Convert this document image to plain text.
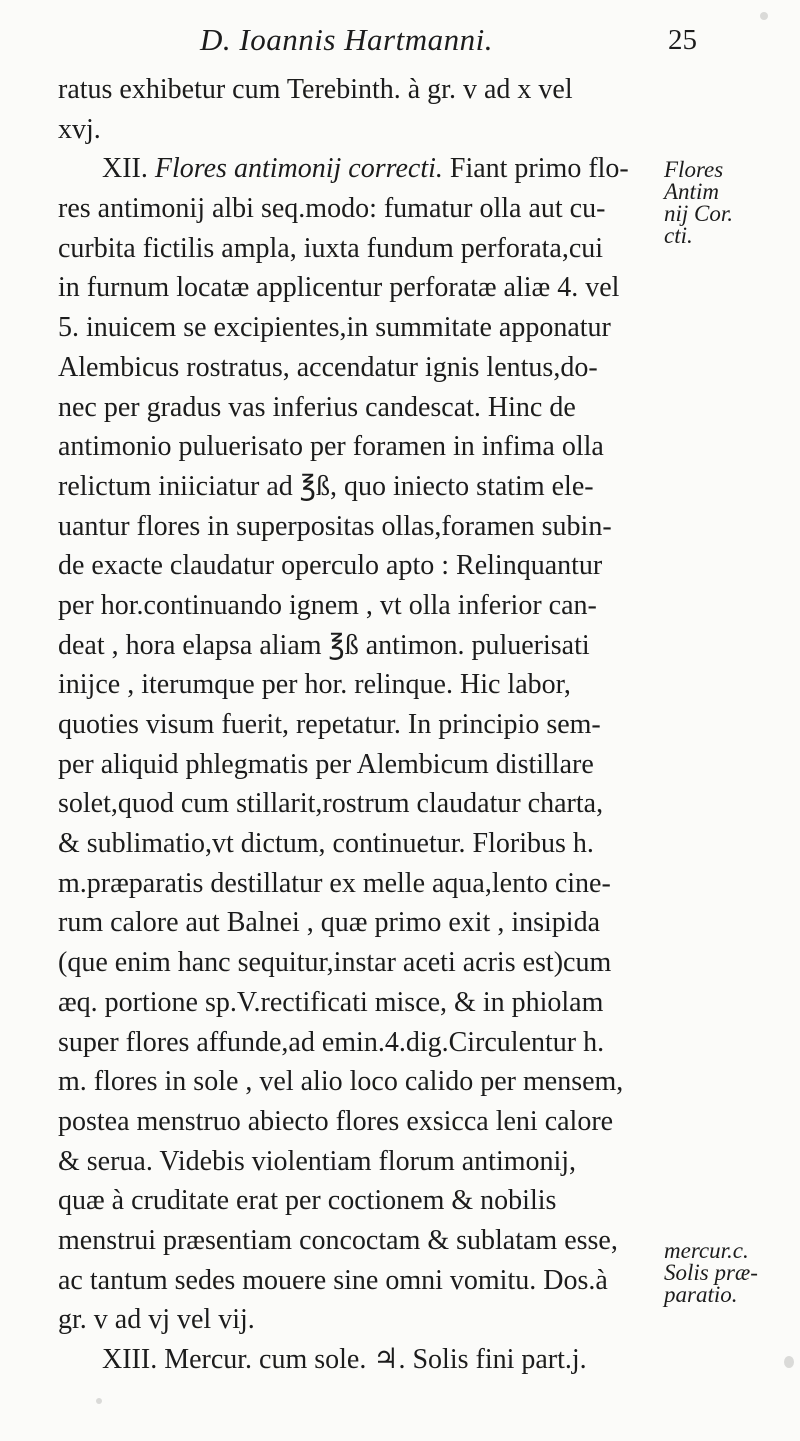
D. Ioannis Hartmanni.	25
ratus exhibetur cum Terebinth. à gr. v ad x vel
xvj.
XII. Flores antimonij correcti. Fiant primo flo-
res antimonij albi seq.modo: fumatur olla aut cu-
curbita fictilis ampla, iuxta fundum perforata,cui
in furnum locatæ applicentur perforatæ aliæ 4. vel
5. inuicem se excipientes,in summitate apponatur
Alembicus rostratus, accendatur ignis lentus,do-
nec per gradus vas inferius candescat. Hinc de
antimonio puluerisato per foramen in infima olla
relictum iniiciatur ad ℥ß, quo iniecto statim ele-
uantur flores in superpositas ollas,foramen subin-
de exacte claudatur operculo apto : Relinquantur
per hor.continuando ignem , vt olla inferior can-
deat , hora elapsa aliam ℥ß antimon. puluerisati
inijce , iterumque per hor. relinque. Hic labor,
quoties visum fuerit, repetatur. In principio sem-
per aliquid phlegmatis per Alembicum distillare
solet,quod cum stillarit,rostrum claudatur charta,
& sublimatio,vt dictum, continuetur. Floribus h.
m.præparatis destillatur ex melle aqua,lento cine-
rum calore aut Balnei , quæ primo exit , insipida
(que enim hanc sequitur,instar aceti acris est)cum
æq. portione sp.V.rectificati misce, & in phiolam
super flores affunde,ad emin.4.dig.Circulentur h.
m. flores in sole , vel alio loco calido per mensem,
postea menstruo abiecto flores exsicca leni calore
& serua. Videbis violentiam florum antimonij,
quæ à cruditate erat per coctionem & nobilis
menstrui præsentiam concoctam & sublatam esse,
ac tantum sedes mouere sine omni vomitu. Dos.à
gr. v ad vj vel vij.
XIII. Mercur. cum sole. ♃. Solis fini part.j.
Flores
Antim
nij Cor.
cti.
mercur.c.
Solis præ-
paratio.
